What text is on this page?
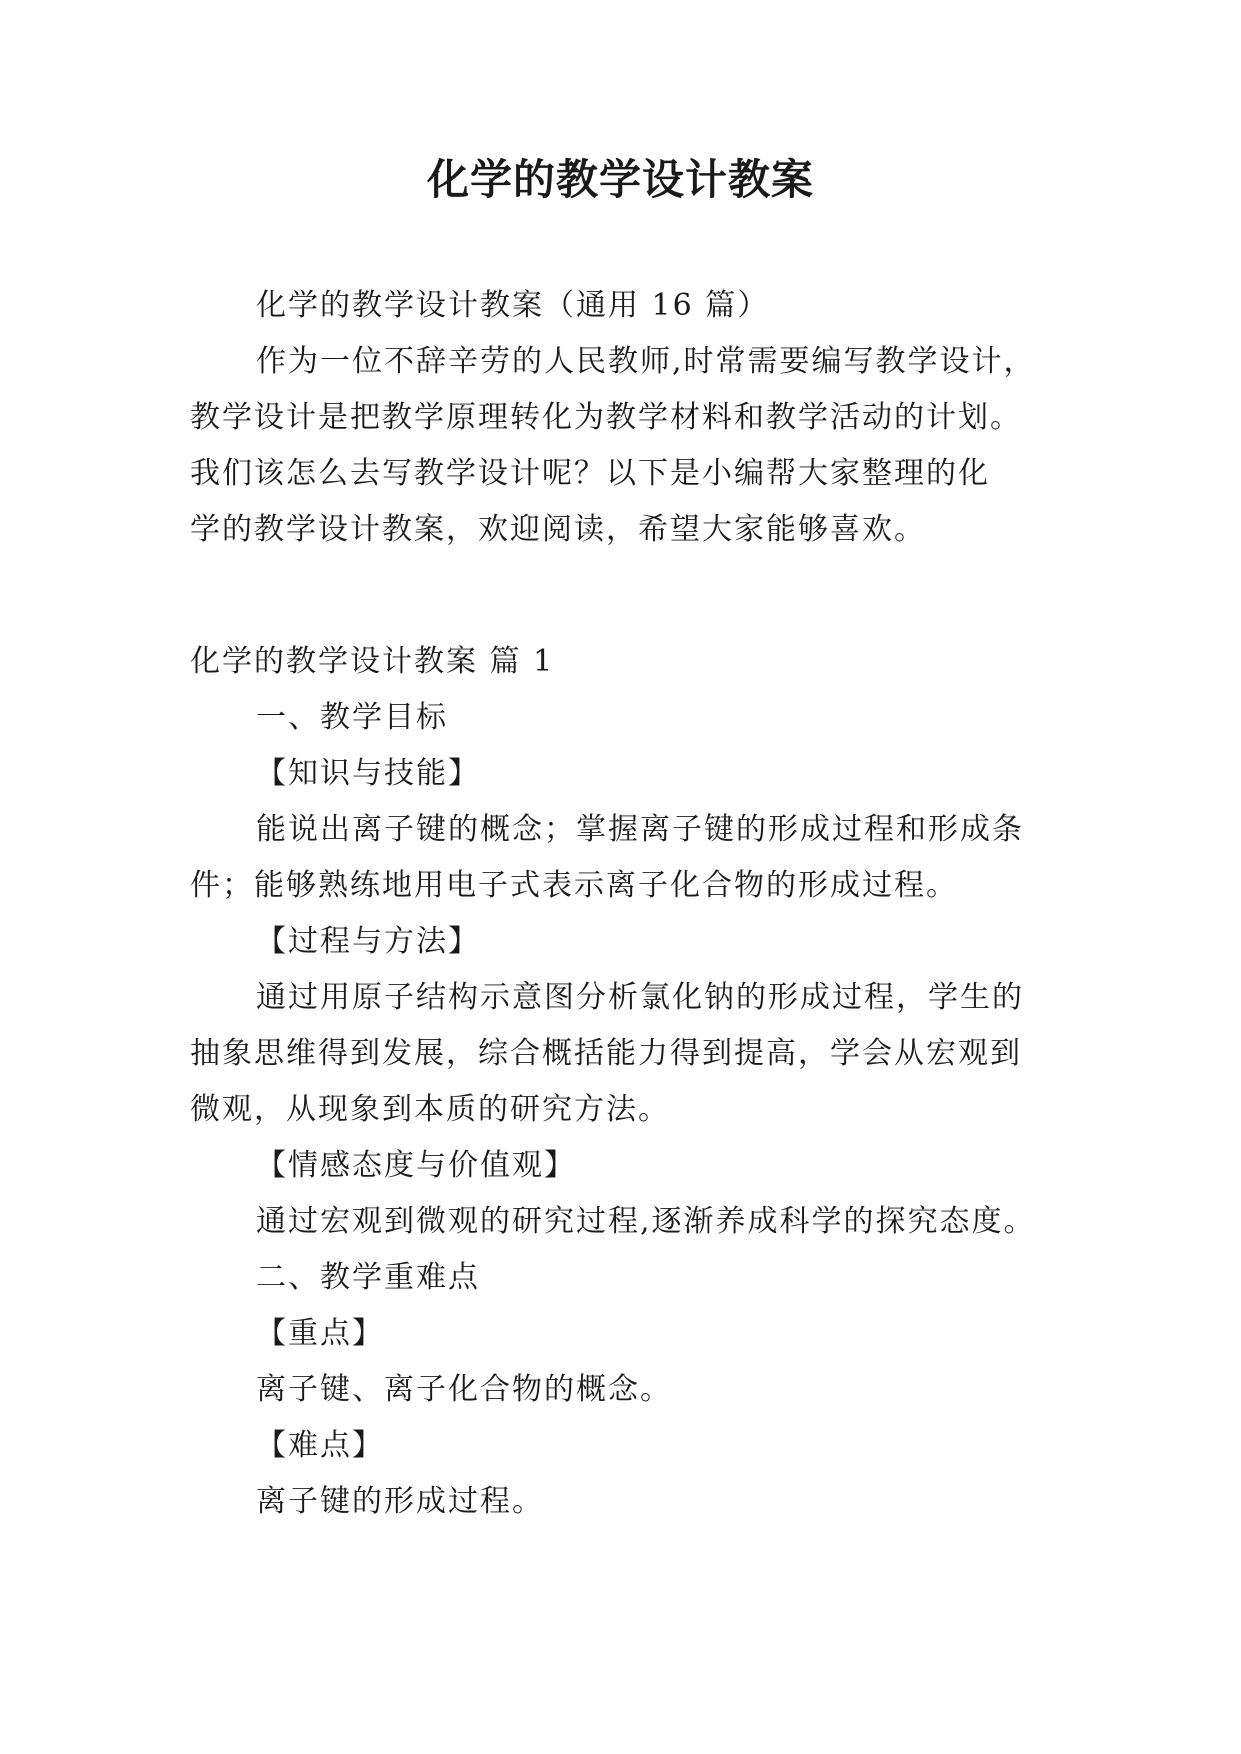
化学的教学设计教案
化学的教学设计教案（通用 16 篇）
作为一位不辞辛劳的人民教师,时常需要编写教学设计，
教学设计是把教学原理转化为教学材料和教学活动的计划。
我们该怎么去写教学设计呢？以下是小编帮大家整理的化
学的教学设计教案，欢迎阅读，希望大家能够喜欢。
化学的教学设计教案 篇 1
一、教学目标
【知识与技能】
能说出离子键的概念；掌握离子键的形成过程和形成条
件；能够熟练地用电子式表示离子化合物的形成过程。
【过程与方法】
通过用原子结构示意图分析氯化钠的形成过程，学生的
抽象思维得到发展，综合概括能力得到提高，学会从宏观到
微观，从现象到本质的研究方法。
【情感态度与价值观】
通过宏观到微观的研究过程,逐渐养成科学的探究态度。
二、教学重难点
【重点】
离子键、离子化合物的概念。
【难点】
离子键的形成过程。
